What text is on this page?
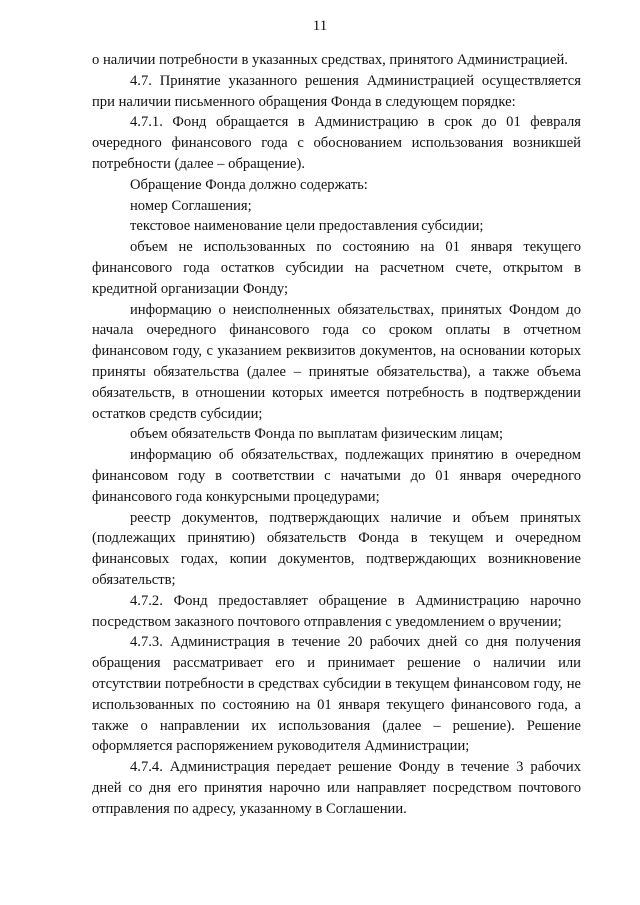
11

о наличии потребности в указанных средствах, принятого Администрацией.

4.7. Принятие указанного решения Администрацией осуществляется при наличии письменного обращения Фонда в следующем порядке:

4.7.1. Фонд обращается в Администрацию в срок до 01 февраля очередного финансового года с обоснованием использования возникшей потребности (далее – обращение).

Обращение Фонда должно содержать:

номер Соглашения;

текстовое наименование цели предоставления субсидии;

объем не использованных по состоянию на 01 января текущего финансового года остатков субсидии на расчетном счете, открытом в кредитной организации Фонду;

информацию о неисполненных обязательствах, принятых Фондом до начала очередного финансового года со сроком оплаты в отчетном финансовом году, с указанием реквизитов документов, на основании которых приняты обязательства (далее – принятые обязательства), а также объема обязательств, в отношении которых имеется потребность в подтверждении остатков средств субсидии;

объем обязательств Фонда по выплатам физическим лицам;

информацию об обязательствах, подлежащих принятию в очередном финансовом году в соответствии с начатыми до 01 января очередного финансового года конкурсными процедурами;

реестр документов, подтверждающих наличие и объем принятых (подлежащих принятию) обязательств Фонда в текущем и очередном финансовых годах, копии документов, подтверждающих возникновение обязательств;

4.7.2. Фонд предоставляет обращение в Администрацию нарочно посредством заказного почтового отправления с уведомлением о вручении;

4.7.3. Администрация в течение 20 рабочих дней со дня получения обращения рассматривает его и принимает решение о наличии или отсутствии потребности в средствах субсидии в текущем финансовом году, не использованных по состоянию на 01 января текущего финансового года, а также о направлении их использования (далее – решение). Решение оформляется распоряжением руководителя Администрации;

4.7.4. Администрация передает решение Фонду в течение 3 рабочих дней со дня его принятия нарочно или направляет посредством почтового отправления по адресу, указанному в Соглашении.
